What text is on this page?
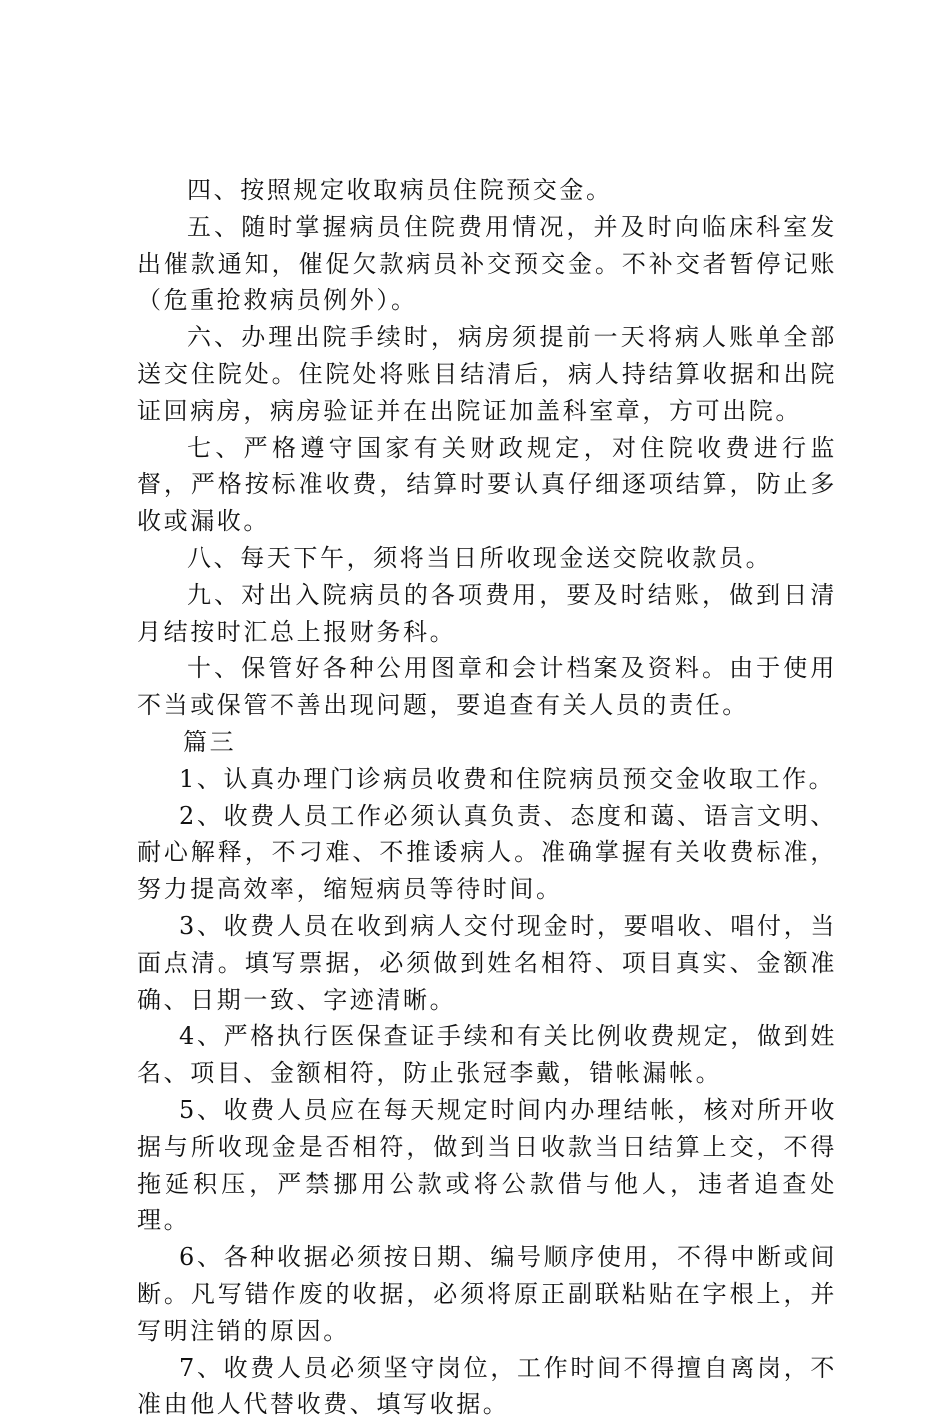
四、按照规定收取病员住院预交金。

五、随时掌握病员住院费用情况，并及时向临床科室发出催款通知，催促欠款病员补交预交金。不补交者暂停记账（危重抢救病员例外）。

六、办理出院手续时，病房须提前一天将病人账单全部送交住院处。住院处将账目结清后，病人持结算收据和出院证回病房，病房验证并在出院证加盖科室章，方可出院。

七、严格遵守国家有关财政规定，对住院收费进行监督，严格按标准收费，结算时要认真仔细逐项结算，防止多收或漏收。

八、每天下午，须将当日所收现金送交院收款员。

九、对出入院病员的各项费用，要及时结账，做到日清月结按时汇总上报财务科。

十、保管好各种公用图章和会计档案及资料。由于使用不当或保管不善出现问题，要追查有关人员的责任。

篇三

1、认真办理门诊病员收费和住院病员预交金收取工作。

2、收费人员工作必须认真负责、态度和蔼、语言文明、耐心解释，不刁难、不推诿病人。准确掌握有关收费标准，努力提高效率，缩短病员等待时间。

3、收费人员在收到病人交付现金时，要唱收、唱付，当面点清。填写票据，必须做到姓名相符、项目真实、金额准确、日期一致、字迹清晰。

4、严格执行医保查证手续和有关比例收费规定，做到姓名、项目、金额相符，防止张冠李戴，错帐漏帐。

5、收费人员应在每天规定时间内办理结帐，核对所开收据与所收现金是否相符，做到当日收款当日结算上交，不得拖延积压，严禁挪用公款或将公款借与他人，违者追查处理。

6、各种收据必须按日期、编号顺序使用，不得中断或间断。凡写错作废的收据，必须将原正副联粘贴在字根上，并写明注销的原因。

7、收费人员必须坚守岗位，工作时间不得擅自离岗，不准由他人代替收费、填写收据。
